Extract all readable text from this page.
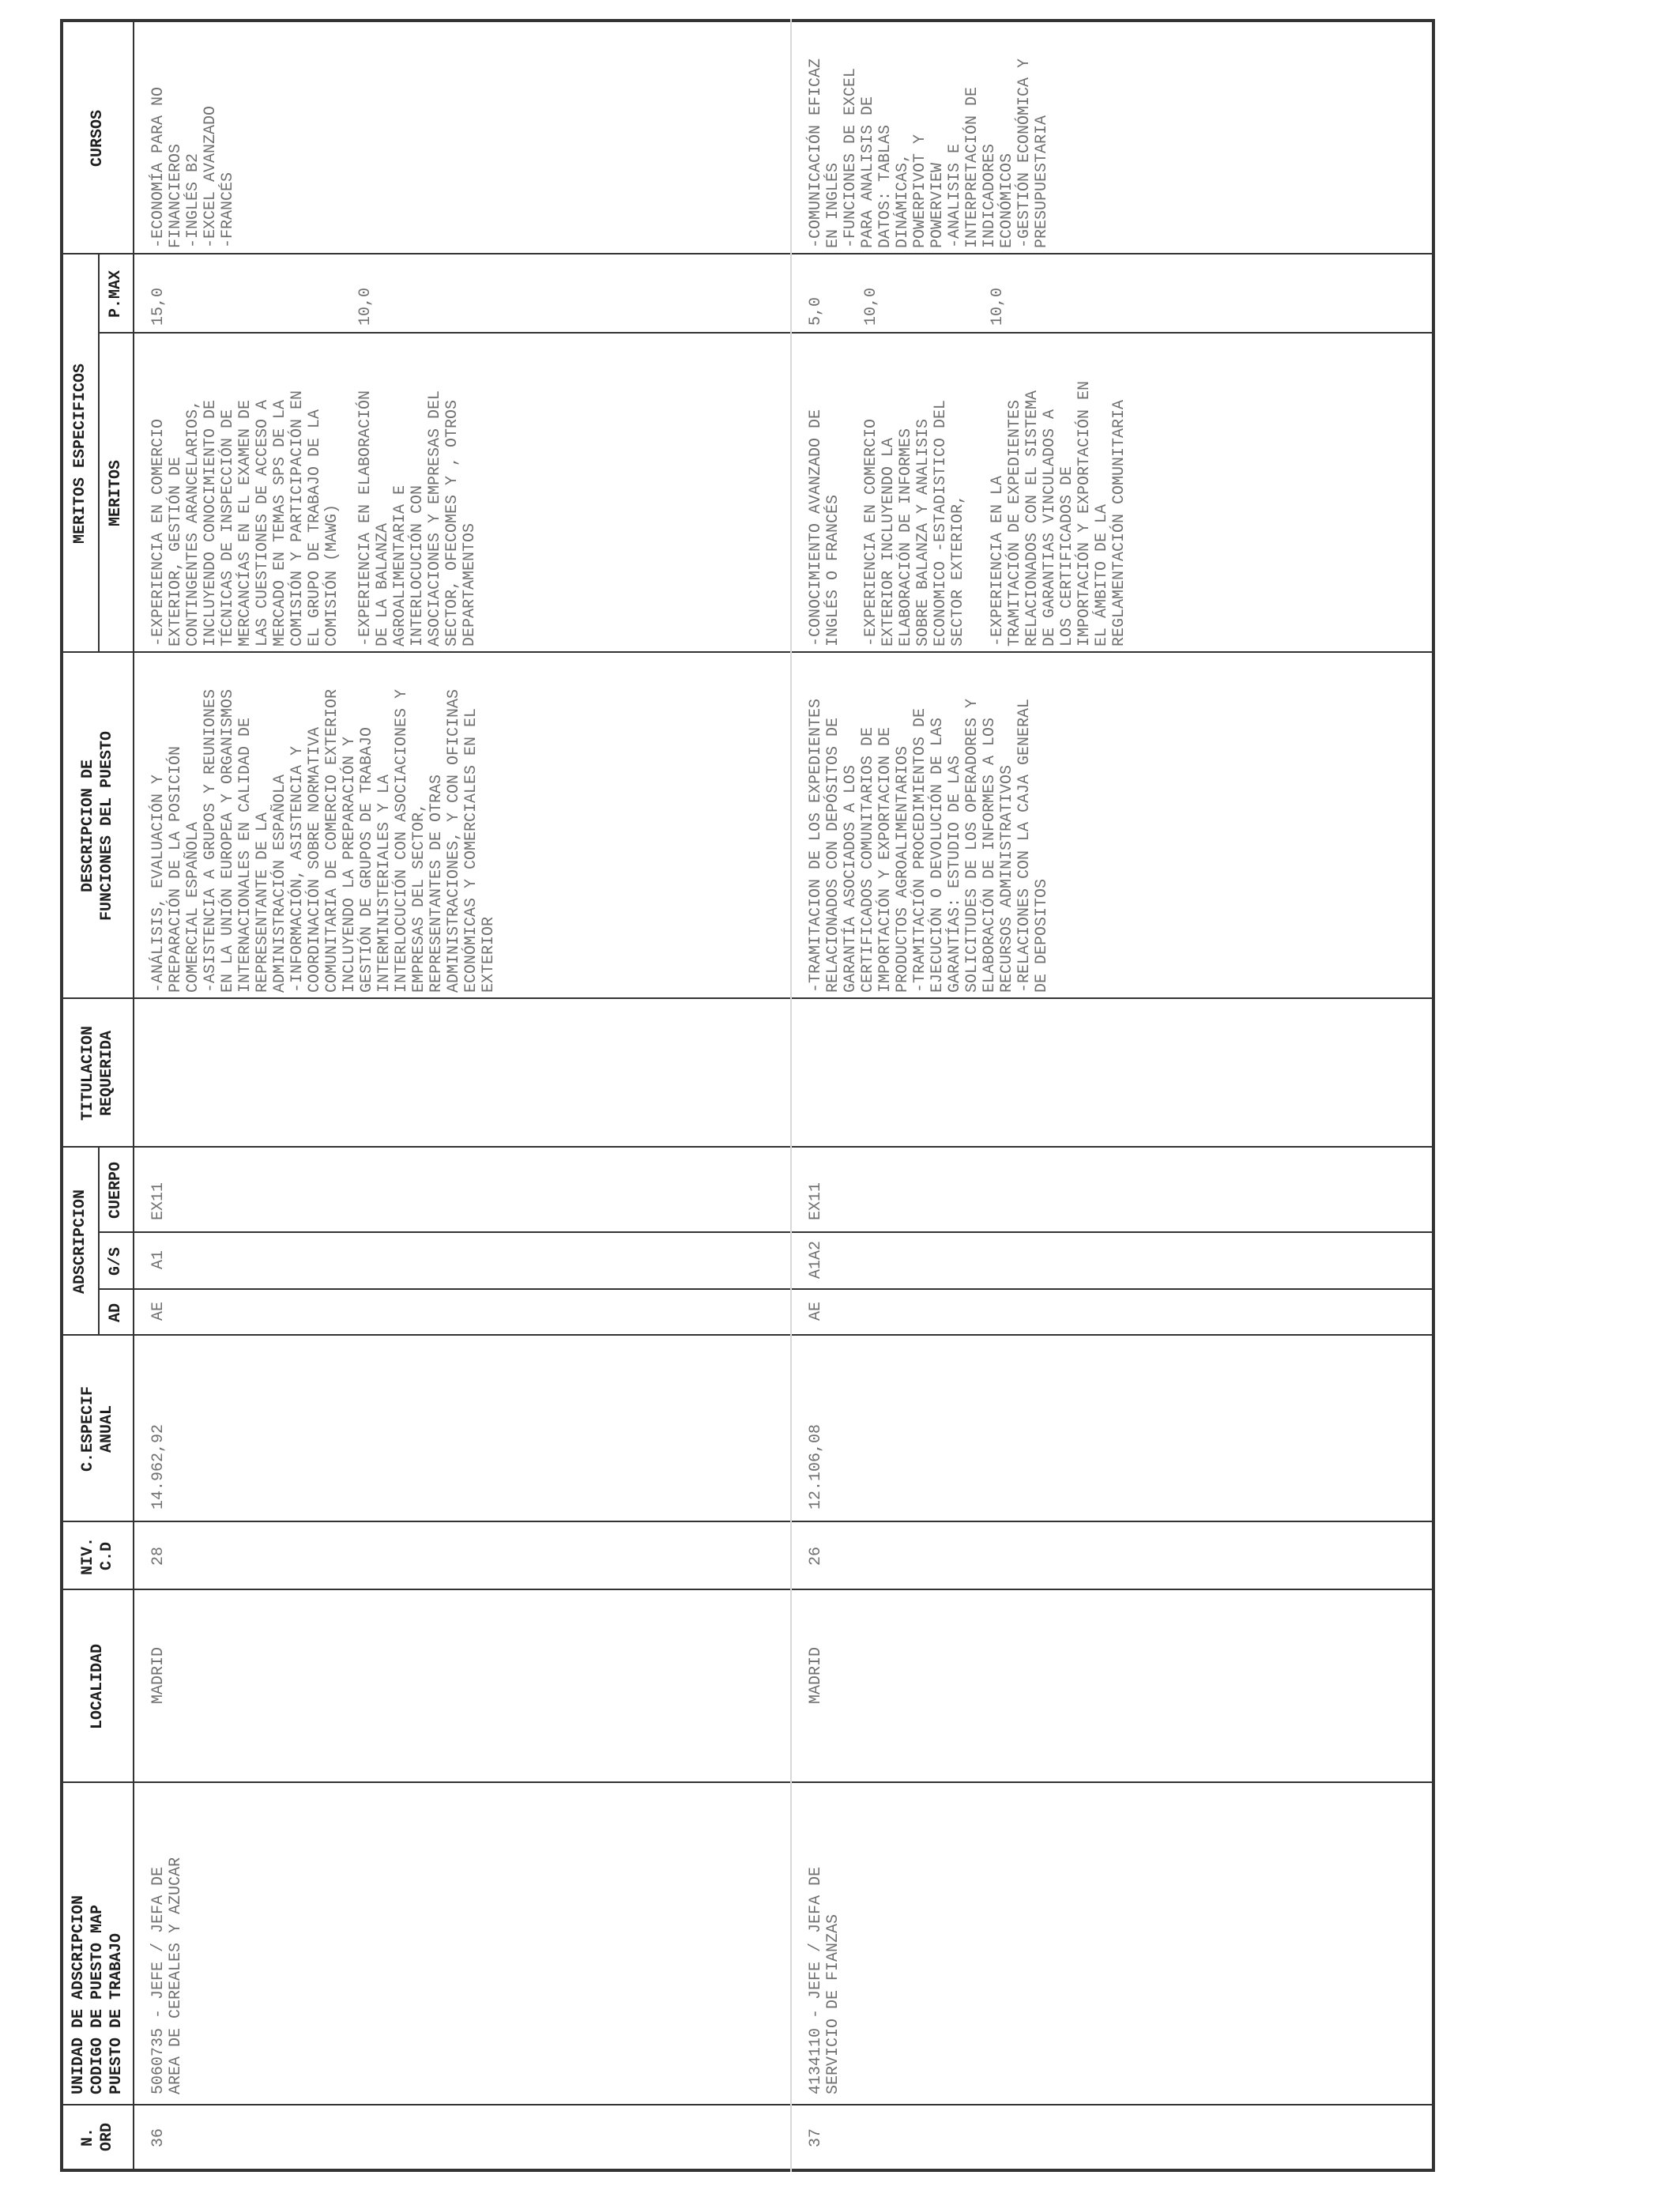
N.
ORD
UNIDAD DE ADSCRIPCION
CODIGO DE PUESTO MAP
PUESTO DE TRABAJO
LOCALIDAD
NIV.
C.D
C.ESPECIF
ANUAL
ADSCRIPCION
AD
G/S
CUERPO
TITULACION
REQUERIDA
DESCRIPCION DE
FUNCIONES DEL PUESTO
MERITOS ESPECIFICOS MERITOS
P.MAX
CURSOS
36
5060735 - JEFE / JEFA DE
AREA DE CEREALES Y AZUCAR
MADRID
28
14.962,92
AE
A1
EX11
-ANÁLISIS, EVALUACIÓN Y
PREPARACIÓN DE LA POSICIÓN
COMERCIAL ESPAÑOLA
-ASISTENCIA A GRUPOS Y REUNIONES
EN LA UNIÓN EUROPEA Y ORGANISMOS
INTERNACIONALES EN CALIDAD DE
REPRESENTANTE DE LA
ADMINISTRACIÓN ESPAÑOLA
-INFORMACIÓN, ASISTENCIA Y
COORDINACIÓN SOBRE NORMATIVA
COMUNITARIA DE COMERCIO EXTERIOR
INCLUYENDO LA PREPARACIÓN Y
GESTIÓN DE GRUPOS DE TRABAJO
INTERMINISTERIALES Y LA
INTERLOCUCIÓN CON ASOCIACIONES Y
EMPRESAS DEL SECTOR,
REPRESENTANTES DE OTRAS
ADMINISTRACIONES, Y CON OFICINAS
ECONÓMICAS Y COMERCIALES EN EL
EXTERIOR
-EXPERIENCIA EN COMERCIO
EXTERIOR, GESTIÓN DE
CONTINGENTES ARANCELARIOS,
INCLUYENDO CONOCIMIENTO DE
TÉCNICAS DE INSPECCIÓN DE
MERCANCÍAS EN EL EXAMEN DE
LAS CUESTIONES DE ACCESO A
MERCADO EN TEMAS SPS DE LA
COMISIÓN Y PARTICIPACIÓN EN
EL GRUPO DE TRABAJO DE LA
COMISIÓN (MAWG)
15,0
-EXPERIENCIA EN ELABORACIÓN
DE LA BALANZA
AGROALIMENTARIA E
INTERLOCUCIÓN CON
ASOCIACIONES Y EMPRESAS DEL
SECTOR, OFECOMES Y , OTROS
DEPARTAMENTOS
10,0
-ECONOMÍA PARA NO
FINANCIEROS
-INGLÉS B2
-EXCEL AVANZADO
-FRANCÉS
37
4134110 - JEFE / JEFA DE
SERVICIO DE FIANZAS
MADRID
26
12.106,08
AE
A1A2
EX11
-TRAMITACION DE LOS EXPEDIENTES
RELACIONADOS CON DEPÓSITOS DE
GARANTÍA ASOCIADOS A LOS
CERTIFICADOS COMUNITARIOS DE
IMPORTACIÓN Y EXPORTACION DE
PRODUCTOS AGROALIMENTARIOS
-TRAMITACIÓN PROCEDIMIENTOS DE
EJECUCIÓN O DEVOLUCIÓN DE LAS
GARANTÍAS: ESTUDIO DE LAS
SOLICITUDES DE LOS OPERADORES Y
ELABORACIÓN DE INFORMES A LOS
RECURSOS ADMINISTRATIVOS
-RELACIONES CON LA CAJA GENERAL
DE DEPOSITOS
-CONOCIMIENTO AVANZADO DE
INGLÉS O FRANCÉS
5,0
-EXPERIENCIA EN COMERCIO
EXTERIOR INCLUYENDO LA
ELABORACIÓN DE INFORMES
SOBRE BALANZA Y ANALISIS
ECONOMICO -ESTADISTICO DEL
SECTOR EXTERIOR,
10,0
-EXPERIENCIA EN LA
TRAMITACIÓN DE EXPEDIENTES
RELACIONADOS CON EL SISTEMA
DE GARANTIAS VINCULADOS A
LOS CERTIFICADOS DE
IMPORTACIÓN Y EXPORTACIÓN EN
EL ÁMBITO DE LA
REGLAMENTACIÓN COMUNITARIA
10,0
-COMUNICACIÓN EFICAZ
EN INGLÉS
-FUNCIONES DE EXCEL
PARA ANALISIS DE
DATOS: TABLAS
DINÁMICAS,
POWERPIVOT Y
POWERVIEW
-ANALISIS E
INTERPRETACIÓN DE
INDICADORES
ECONÓMICOS
-GESTIÓN ECONÓMICA Y
PRESUPUESTARIA
